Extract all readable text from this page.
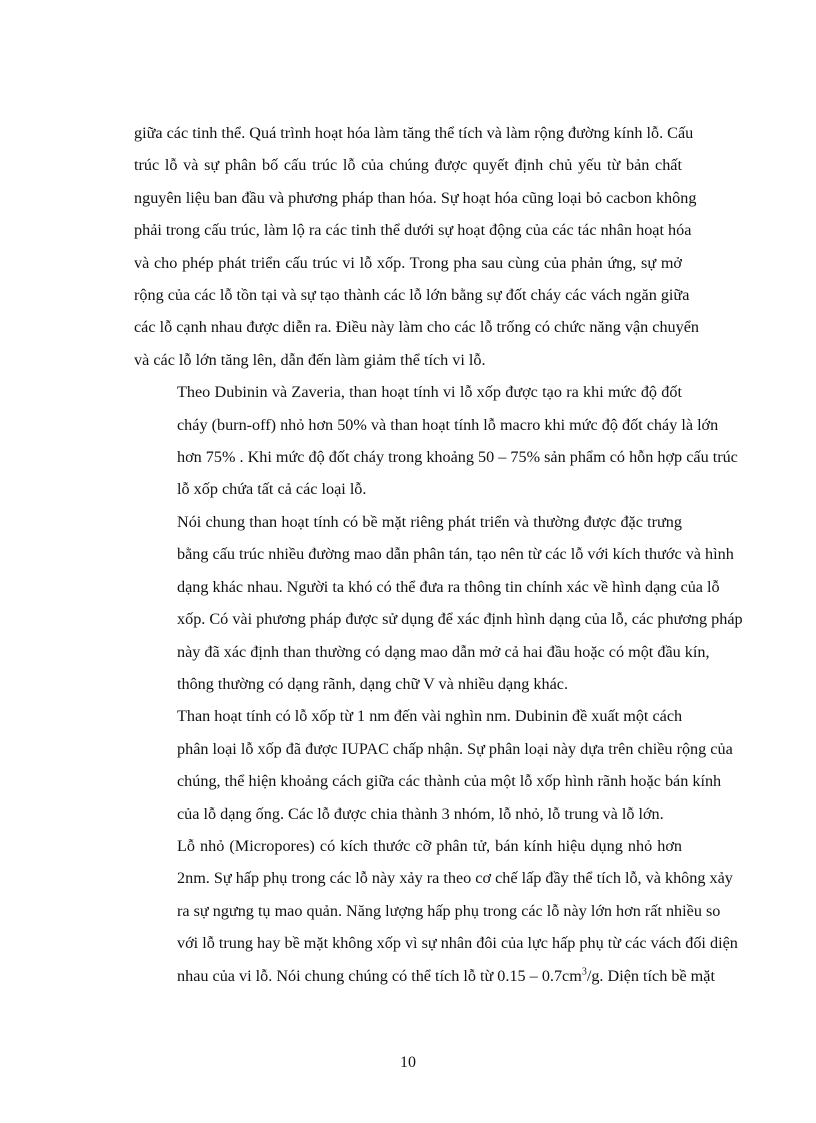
giữa các tinh thể. Quá trình hoạt hóa làm tăng thể tích và làm rộng đường kính lỗ. Cấu
trúc lỗ và sự phân bố cấu trúc lỗ của chúng được quyết định chủ yếu từ bản chất
nguyên liệu ban đầu và phương pháp than hóa. Sự hoạt hóa cũng loại bỏ cacbon không
phải trong cấu trúc, làm lộ ra các tinh thể dưới sự hoạt động của các tác nhân hoạt hóa
và cho phép phát triển cấu trúc vi lỗ xốp. Trong pha sau cùng của phản ứng, sự mở
rộng của các lỗ tồn tại và sự tạo thành các lỗ lớn bằng sự đốt cháy các vách ngăn giữa
các lỗ cạnh nhau được diễn ra. Điều này làm cho các lỗ trống có chức năng vận chuyển
và các lỗ lớn tăng lên, dẫn đến làm giảm thể tích vi lỗ.

Theo Dubinin và Zaveria, than hoạt tính vi lỗ xốp được tạo ra khi mức độ đốt
cháy (burn-off) nhỏ hơn 50% và than hoạt tính lỗ macro khi mức độ đốt cháy là lớn
hơn 75% . Khi mức độ đốt cháy trong khoảng 50 – 75% sản phẩm có hỗn hợp cấu trúc
lỗ xốp chứa tất cả các loại lỗ.

Nói chung than hoạt tính có bề mặt riêng phát triển và thường được đặc trưng
bằng cấu trúc nhiều đường mao dẫn phân tán, tạo nên từ các lỗ với kích thước và hình
dạng khác nhau. Người ta khó có thể đưa ra thông tin chính xác về hình dạng của lỗ
xốp. Có vài phương pháp được sử dụng để xác định hình dạng của lỗ, các phương pháp
này đã xác định than thường có dạng mao dẫn mở cả hai đầu hoặc có một đầu kín,
thông thường có dạng rãnh, dạng chữ V và nhiều dạng khác.

Than hoạt tính có lỗ xốp từ 1 nm đến vài nghìn nm. Dubinin đề xuất một cách
phân loại lỗ xốp đã được IUPAC chấp nhận. Sự phân loại này dựa trên chiều rộng của
chúng, thể hiện khoảng cách giữa các thành của một lỗ xốp hình rãnh hoặc bán kính
của lỗ dạng ống. Các lỗ được chia thành 3 nhóm, lỗ nhỏ, lỗ trung và lỗ lớn.

Lỗ nhỏ (Micropores) có kích thước cỡ phân tử, bán kính hiệu dụng nhỏ hơn
2nm. Sự hấp phụ trong các lỗ này xảy ra theo cơ chế lấp đầy thể tích lỗ, và không xảy
ra sự ngưng tụ mao quản. Năng lượng hấp phụ trong các lỗ này lớn hơn rất nhiều so
với lỗ trung hay bề mặt không xốp vì sự nhân đôi của lực hấp phụ từ các vách đối diện
nhau của vi lỗ. Nói chung chúng có thể tích lỗ từ $0.15 - 0.7cm^3/g$. Diện tích bề mặt

10
